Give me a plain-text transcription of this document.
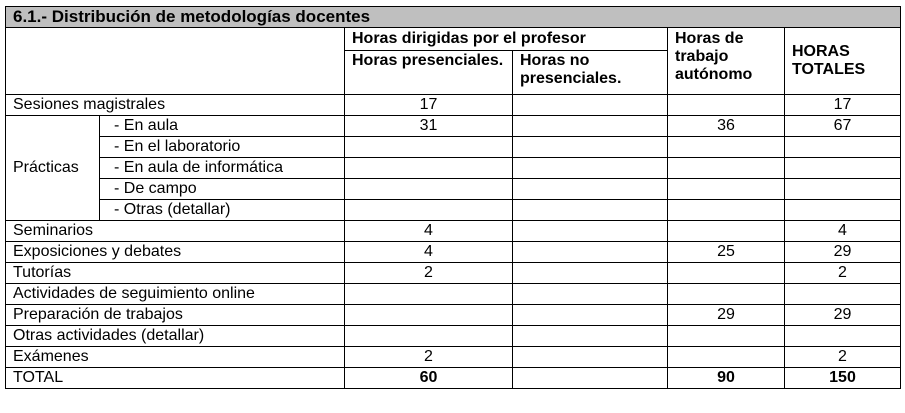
6.1.- Distribución de metodologías docentes					
		Horas dirigidas por el profesor		Horas de trabajo autónomo	HORAS TOTALES
		Horas presenciales.	Horas no presenciales.		
Sesiones magistrales		17			17
Prácticas	- En aula	31		36	67
	- En el laboratorio				
	- En aula de informática				
	- De campo				
	- Otras (detallar)				
Seminarios		4			4
Exposiciones y debates		4		25	29
Tutorías		2			2
Actividades de seguimiento online					
Preparación de trabajos				29	29
Otras actividades (detallar)					
Exámenes		2			2
TOTAL		60		90	150
